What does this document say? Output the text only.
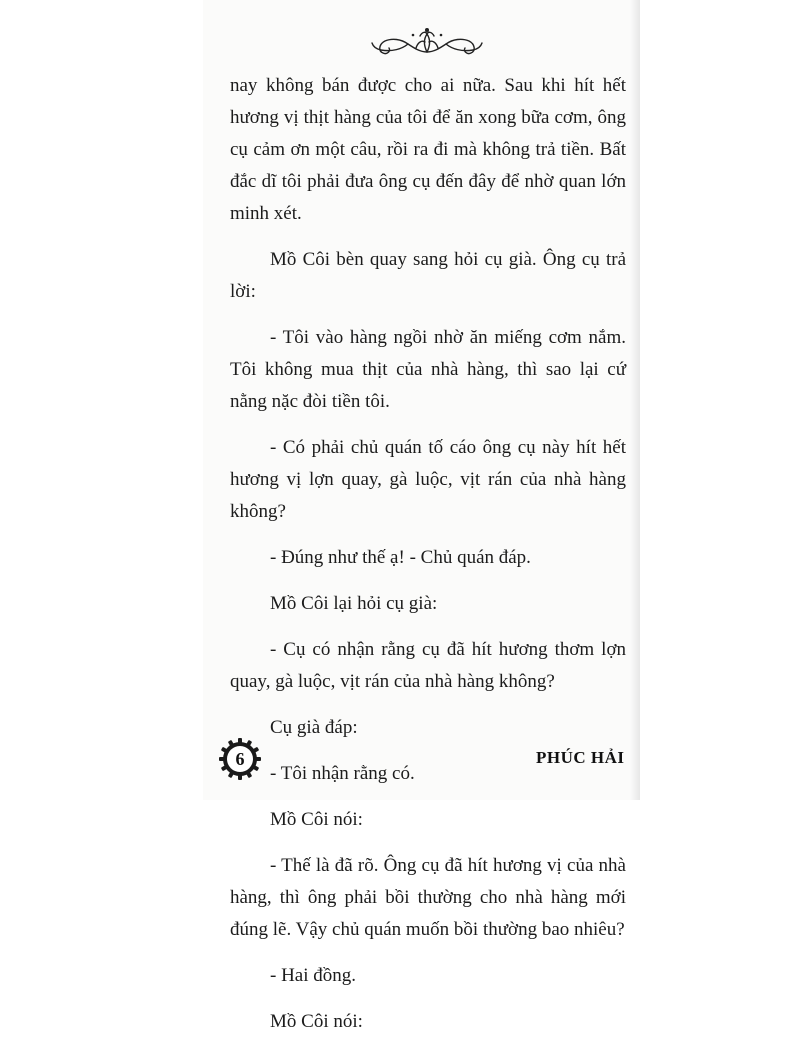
nay không bán được cho ai nữa. Sau khi hít hết hương vị thịt hàng của tôi để ăn xong bữa cơm, ông cụ cảm ơn một câu, rồi ra đi mà không trả tiền. Bất đắc dĩ tôi phải đưa ông cụ đến đây để nhờ quan lớn minh xét.

Mồ Côi bèn quay sang hỏi cụ già. Ông cụ trả lời:

- Tôi vào hàng ngồi nhờ ăn miếng cơm nắm. Tôi không mua thịt của nhà hàng, thì sao lại cứ nằng nặc đòi tiền tôi.

- Có phải chủ quán tố cáo ông cụ này hít hết hương vị lợn quay, gà luộc, vịt rán của nhà hàng không?

- Đúng như thế ạ! - Chủ quán đáp.

Mồ Côi lại hỏi cụ già:

- Cụ có nhận rằng cụ đã hít hương thơm lợn quay, gà luộc, vịt rán của nhà hàng không?

Cụ già đáp:

- Tôi nhận rằng có.

Mồ Côi nói:

- Thế là đã rõ. Ông cụ đã hít hương vị của nhà hàng, thì ông phải bồi thường cho nhà hàng mới đúng lẽ. Vậy chủ quán muốn bồi thường bao nhiêu?

- Hai đồng.

Mồ Côi nói:

6	PHÚC HẢI
